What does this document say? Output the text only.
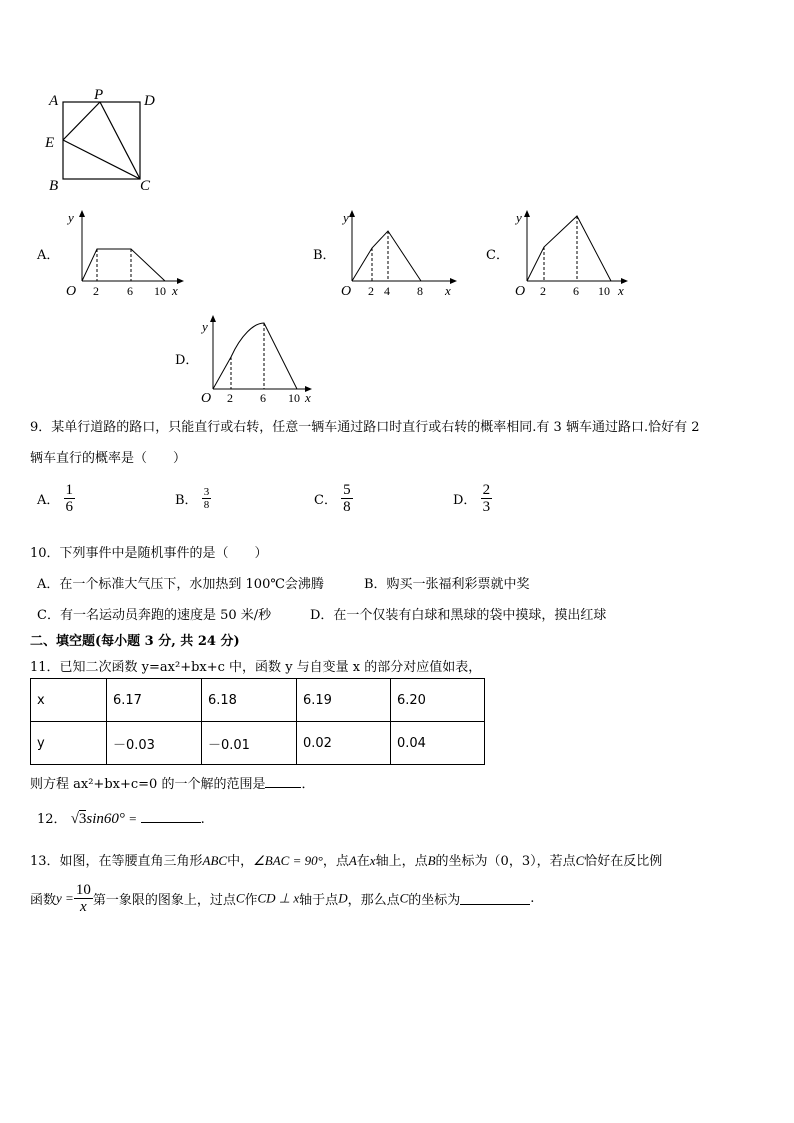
A P	D
E
B	C
A．
y
O 2 6 10 x
B．
y
O 2 4 8 x
C．
y
O 2 6 10 x
D．
y
O 2 6 10 x
9．某单行道路的路口，只能直行或右转，任意一辆车通过路口时直行或右转的概率相同.有 3 辆车通过路口.恰好有 2
辆车直行的概率是（　　）
A． $\frac{1}{6}$	B． $\frac{3}{8}$	C． $\frac{5}{8}$	D． $\frac{2}{3}$
10．下列事件中是随机事件的是（　　）
A．在一个标准大气压下，水加热到 100℃会沸腾	B．购买一张福利彩票就中奖
C．有一名运动员奔跑的速度是 50 米/秒	D．在一个仅装有白球和黑球的袋中摸球，摸出红球
二、填空题(每小题 3 分, 共 24 分)
11．已知二次函数 y=ax²+bx+c 中，函数 y 与自变量 x 的部分对应值如表，
x	6.17	6.18	6.19	6.20
y	－0.03	－0.01	0.02	0.04
则方程 ax²+bx+c=0 的一个解的范围是	．
12． √3sin60° =	.
13．如图，在等腰直角三角形ABC中，∠BAC = 90°，点A在x轴上，点B的坐标为（0，3），若点C恰好在反比例
函数$y = \frac{10}{x}$ 第一象限的图象上，过点C作CD ⊥ x轴于点D，那么点C的坐标为	.
